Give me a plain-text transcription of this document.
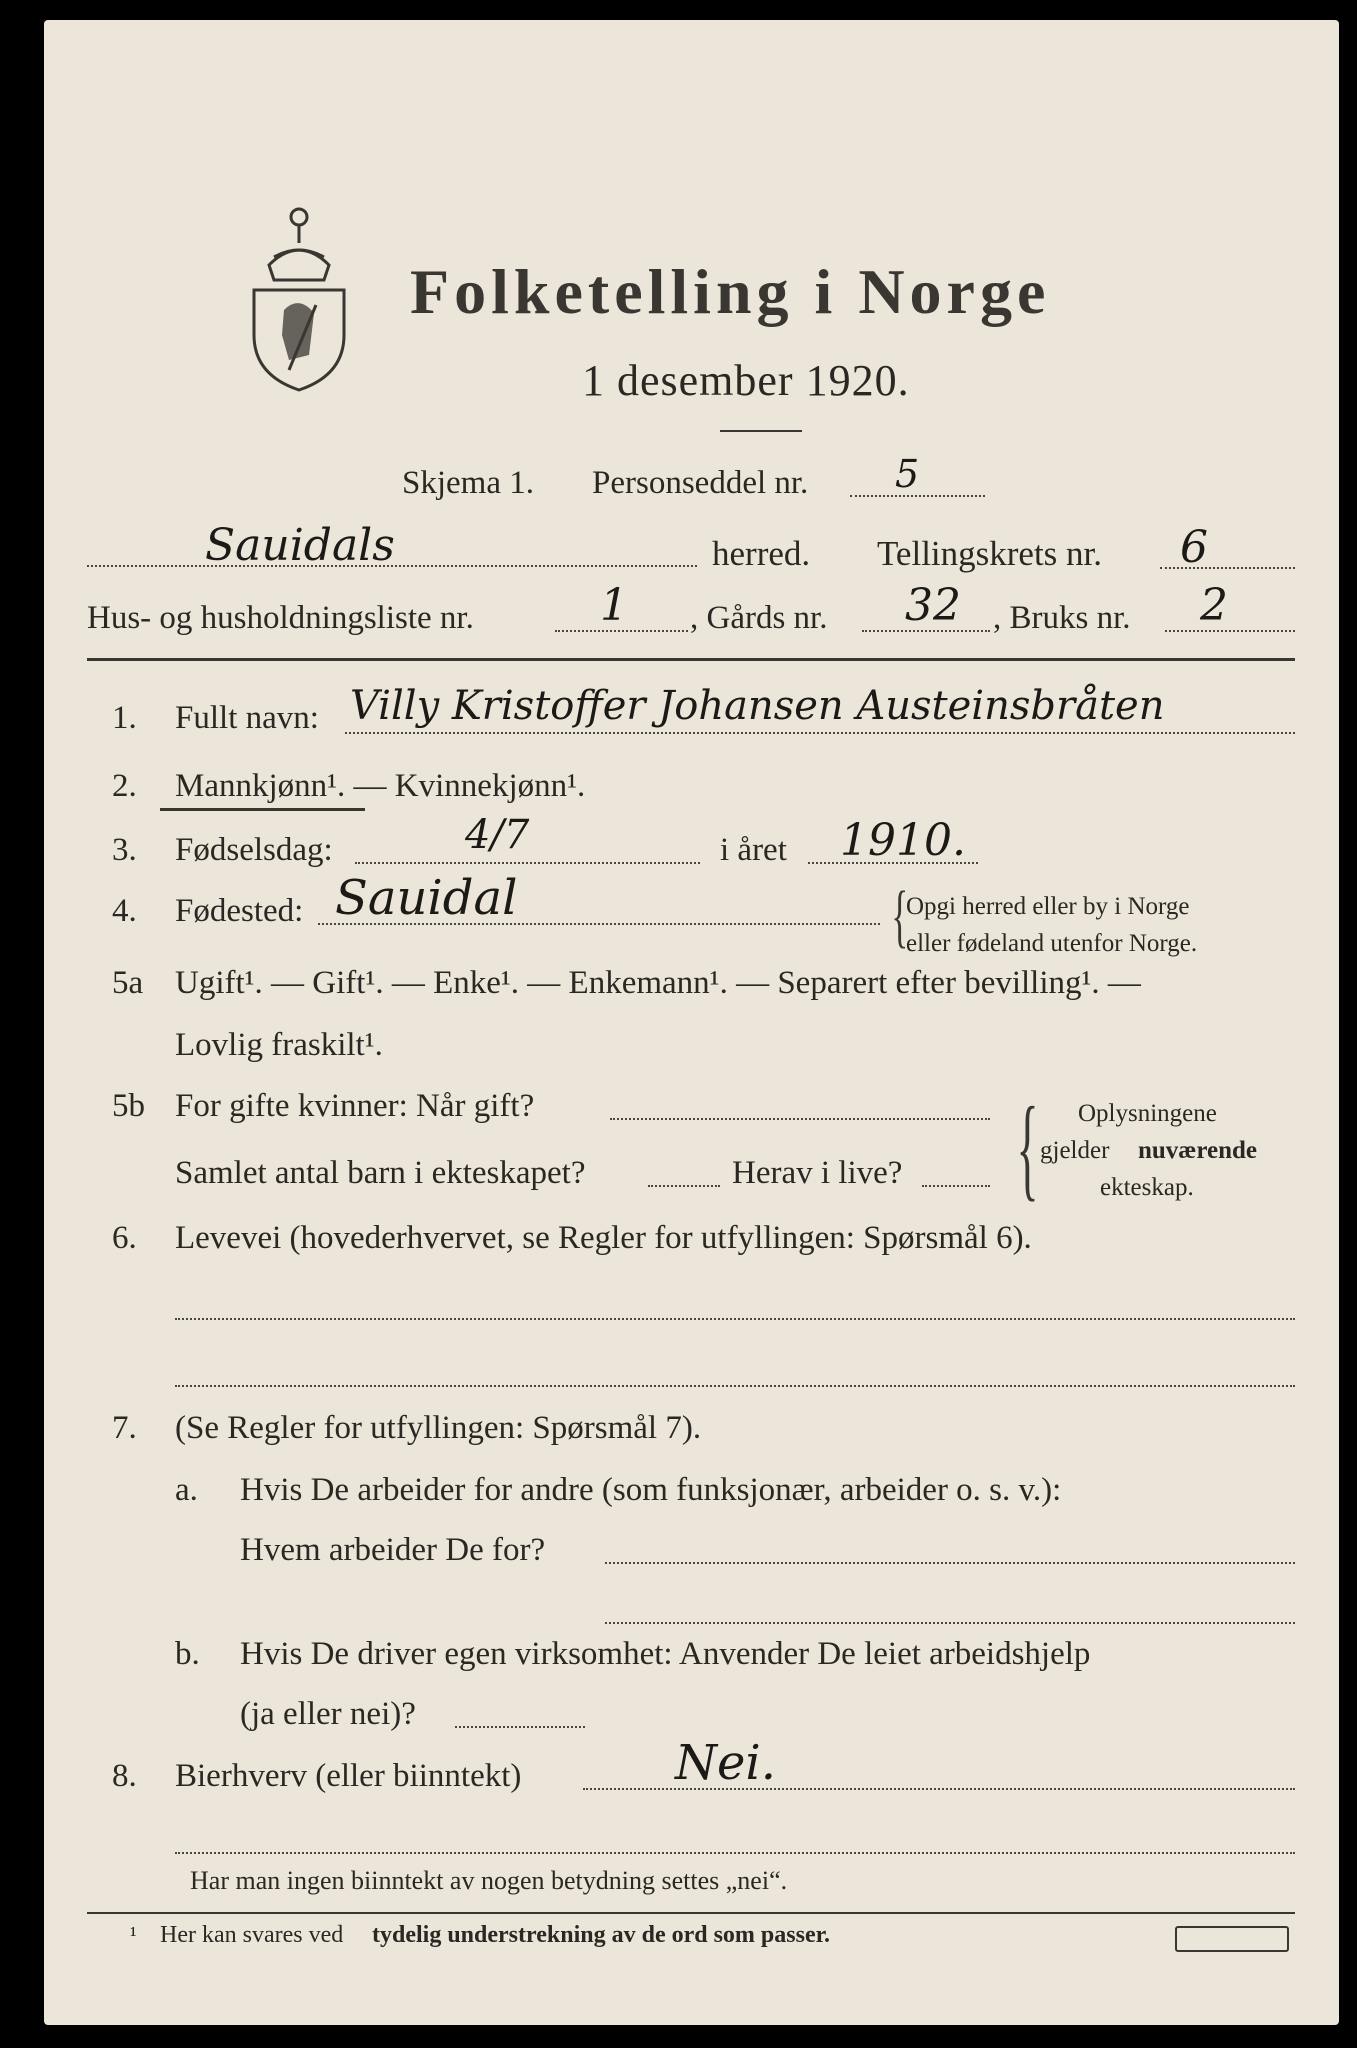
Folketelling i Norge
1 desember 1920.
Skjema 1. Personseddel nr. 5
Sauidals	herred. Tellingskrets nr. 6
Hus- og husholdningsliste nr.	1 , Gårds nr. 32 , Bruks nr. 2
1. Fullt navn: Villy Kristoffer Johansen Austeinsbråten
2. Mannkjønn¹. — Kvinnekjønn¹.
3. Fødselsdag:	4/7	i året 1910.
4. Fødested: Sauidal	{
Opgi herred eller by i Norge
eller fødeland utenfor Norge.
5a Ugift¹. — Gift¹. — Enke¹. — Enkemann¹. — Separert efter bevilling¹. —
Lovlig fraskilt¹.
5b For gifte kvinner: Når gift?
Samlet antal barn i ekteskapet?	Herav i live? { Oplysningene
gjelder nuværende
ekteskap.
6. Levevei (hovederhvervet, se Regler for utfyllingen: Spørsmål 6).
7. (Se Regler for utfyllingen: Spørsmål 7).
a. Hvis De arbeider for andre (som funksjonær, arbeider o. s. v.):
Hvem arbeider De for?
b. Hvis De driver egen virksomhet: Anvender De leiet arbeidshjelp
(ja eller nei)?
8. Bierhverv (eller biinntekt)	Nei.
Har man ingen biinntekt av nogen betydning settes „nei“.
¹ Her kan svares ved tydelig understrekning av de ord som passer.
